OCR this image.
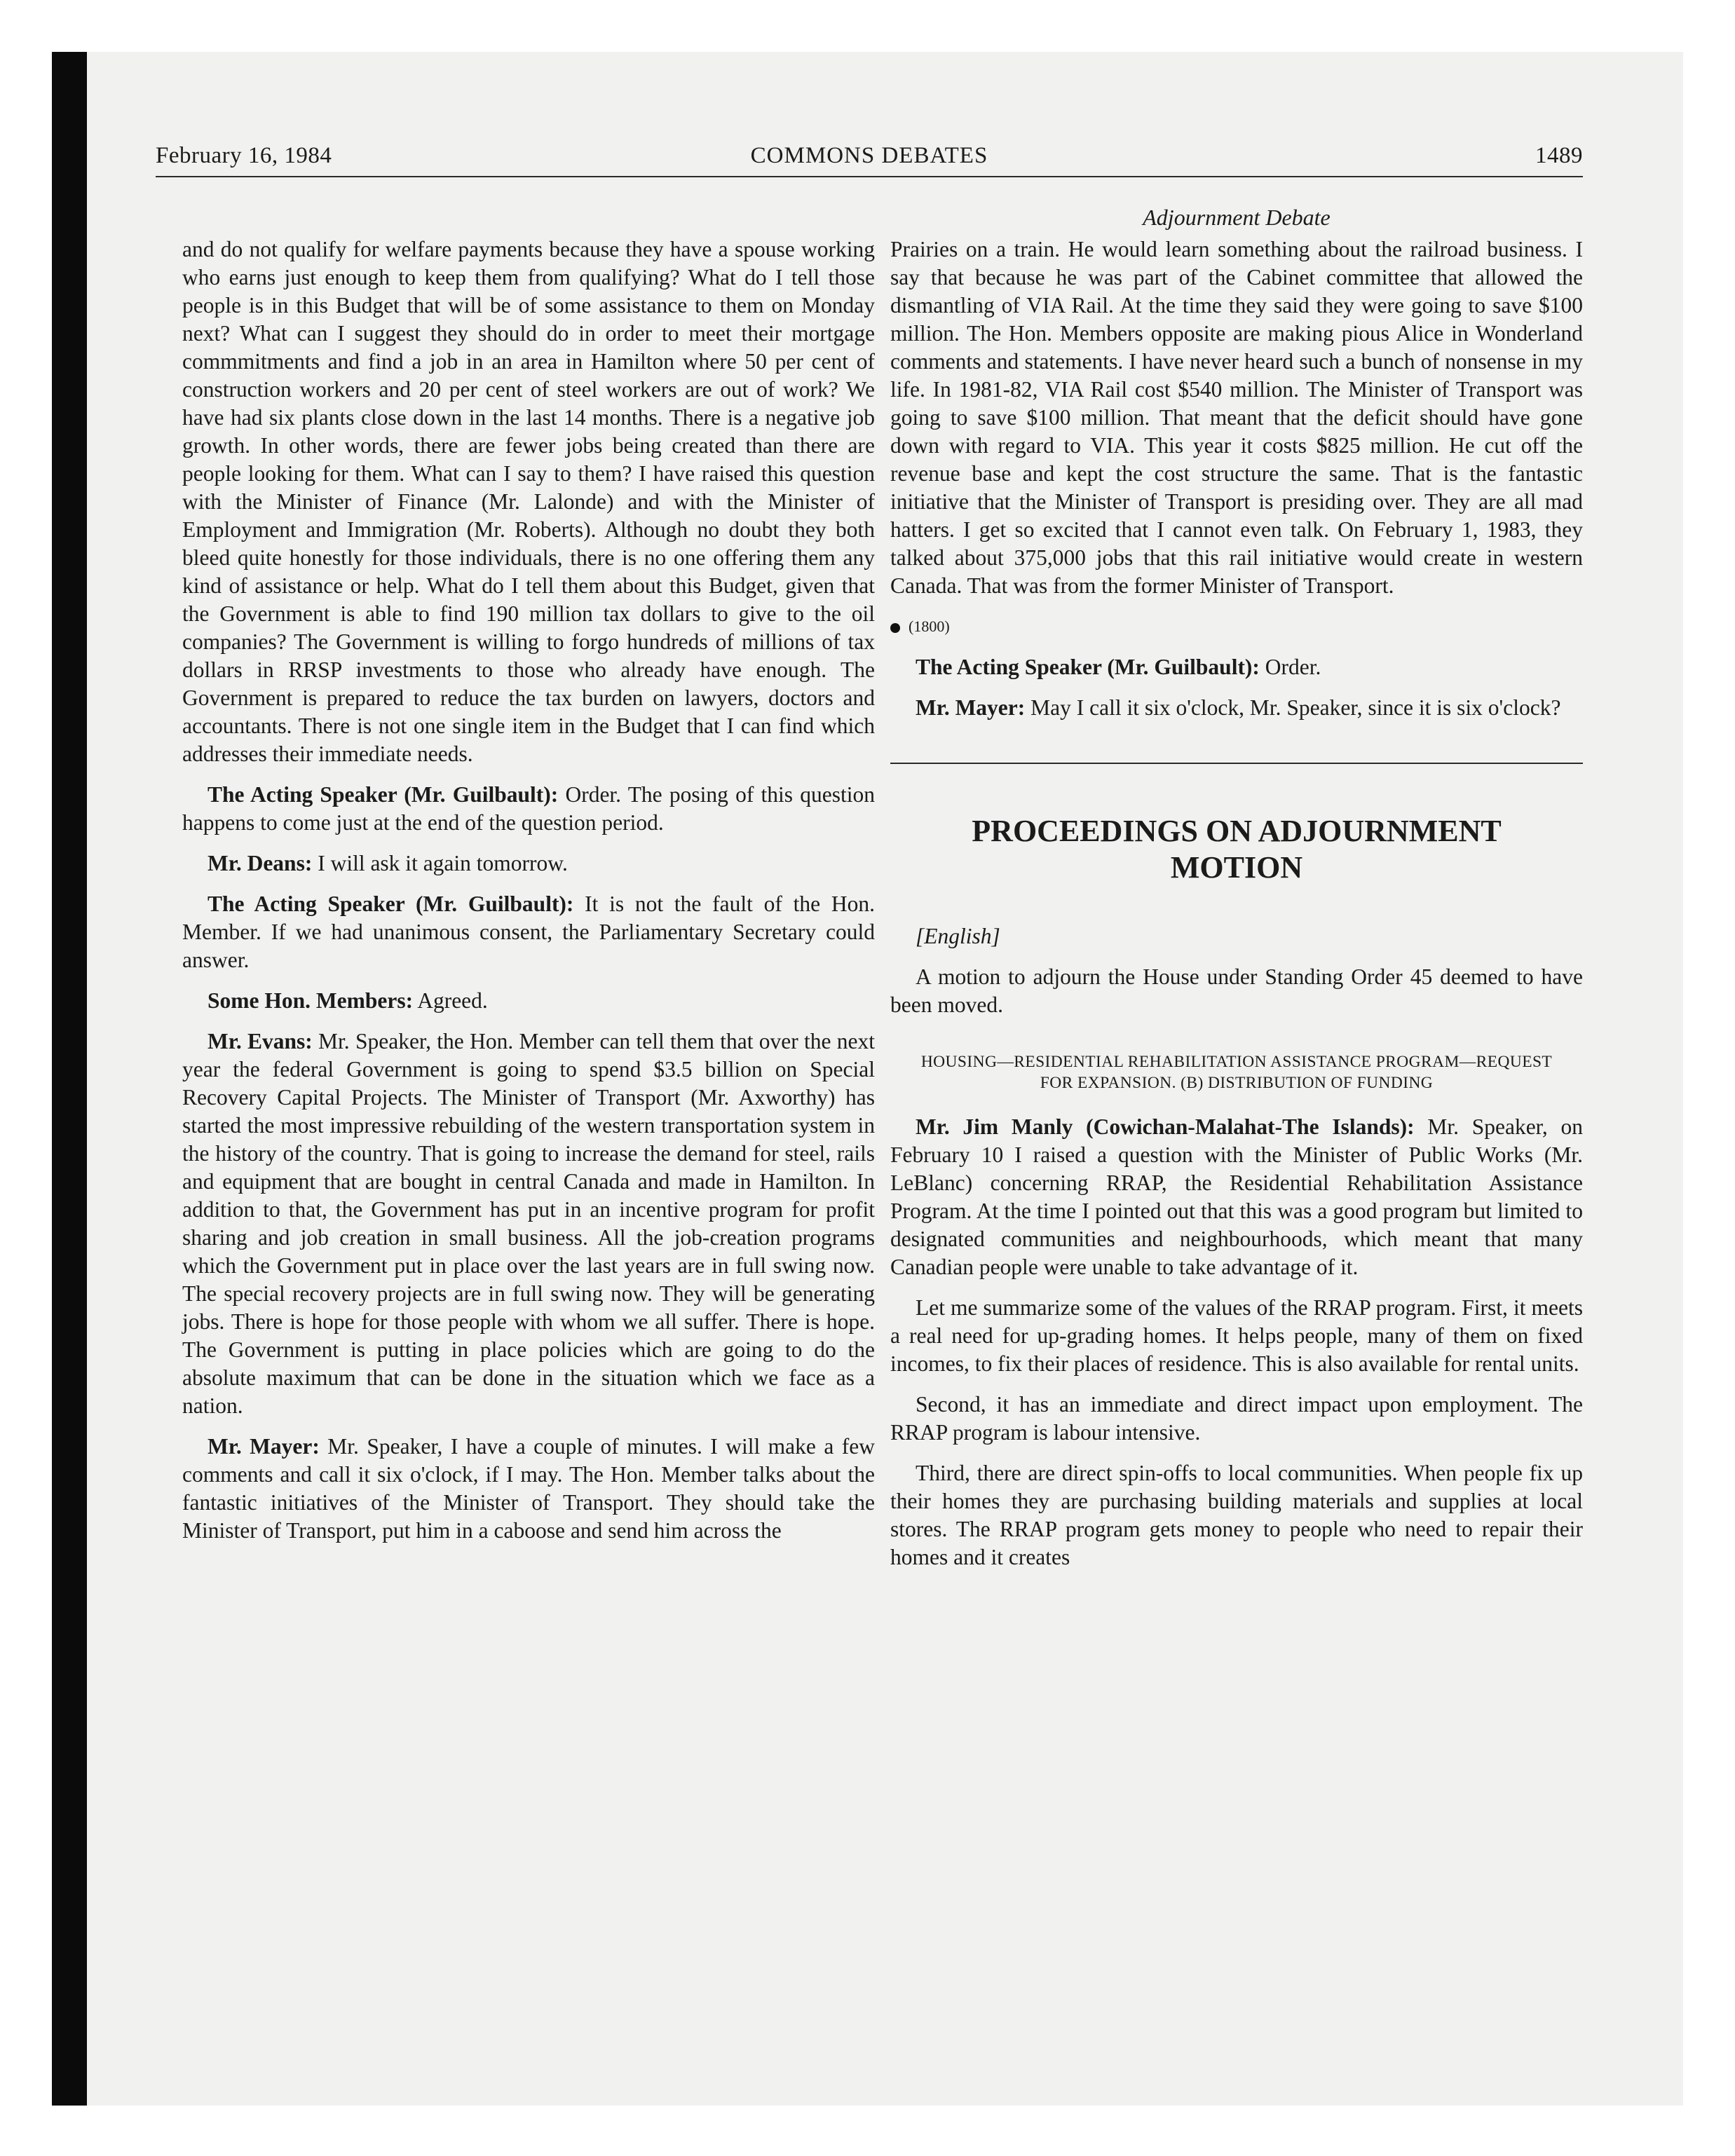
February 16, 1984	COMMONS DEBATES	1489

and do not qualify for welfare payments because they have a spouse working who earns just enough to keep them from qualifying? What do I tell those people is in this Budget that will be of some assistance to them on Monday next? What can I suggest they should do in order to meet their mortgage commmitments and find a job in an area in Hamilton where 50 per cent of construction workers and 20 per cent of steel workers are out of work? We have had six plants close down in the last 14 months. There is a negative job growth. In other words, there are fewer jobs being created than there are people looking for them. What can I say to them? I have raised this question with the Minister of Finance (Mr. Lalonde) and with the Minister of Employment and Immigration (Mr. Roberts). Although no doubt they both bleed quite honestly for those individuals, there is no one offering them any kind of assistance or help. What do I tell them about this Budget, given that the Government is able to find 190 million tax dollars to give to the oil companies? The Government is willing to forgo hundreds of millions of tax dollars in RRSP investments to those who already have enough. The Government is prepared to reduce the tax burden on lawyers, doctors and accountants. There is not one single item in the Budget that I can find which addresses their immediate needs.

The Acting Speaker (Mr. Guilbault): Order. The posing of this question happens to come just at the end of the question period.

Mr. Deans: I will ask it again tomorrow.

The Acting Speaker (Mr. Guilbault): It is not the fault of the Hon. Member. If we had unanimous consent, the Parliamentary Secretary could answer.

Some Hon. Members: Agreed.

Mr. Evans: Mr. Speaker, the Hon. Member can tell them that over the next year the federal Government is going to spend $3.5 billion on Special Recovery Capital Projects. The Minister of Transport (Mr. Axworthy) has started the most impressive rebuilding of the western transportation system in the history of the country. That is going to increase the demand for steel, rails and equipment that are bought in central Canada and made in Hamilton. In addition to that, the Government has put in an incentive program for profit sharing and job creation in small business. All the job-creation programs which the Government put in place over the last years are in full swing now. The special recovery projects are in full swing now. They will be generating jobs. There is hope for those people with whom we all suffer. There is hope. The Government is putting in place policies which are going to do the absolute maximum that can be done in the situation which we face as a nation.

Mr. Mayer: Mr. Speaker, I have a couple of minutes. I will make a few comments and call it six o'clock, if I may. The Hon. Member talks about the fantastic initiatives of the Minister of Transport. They should take the Minister of Transport, put him in a caboose and send him across the

Adjournment Debate

Prairies on a train. He would learn something about the railroad business. I say that because he was part of the Cabinet committee that allowed the dismantling of VIA Rail. At the time they said they were going to save $100 million. The Hon. Members opposite are making pious Alice in Wonderland comments and statements. I have never heard such a bunch of nonsense in my life. In 1981-82, VIA Rail cost $540 million. The Minister of Transport was going to save $100 million. That meant that the deficit should have gone down with regard to VIA. This year it costs $825 million. He cut off the revenue base and kept the cost structure the same. That is the fantastic initiative that the Minister of Transport is presiding over. They are all mad hatters. I get so excited that I cannot even talk. On February 1, 1983, they talked about 375,000 jobs that this rail initiative would create in western Canada. That was from the former Minister of Transport.

(1800)

The Acting Speaker (Mr. Guilbault): Order.

Mr. Mayer: May I call it six o'clock, Mr. Speaker, since it is six o'clock?

PROCEEDINGS ON ADJOURNMENT MOTION

[English]

A motion to adjourn the House under Standing Order 45 deemed to have been moved.

HOUSING—RESIDENTIAL REHABILITATION ASSISTANCE PROGRAM—REQUEST FOR EXPANSION. (B) DISTRIBUTION OF FUNDING

Mr. Jim Manly (Cowichan-Malahat-The Islands): Mr. Speaker, on February 10 I raised a question with the Minister of Public Works (Mr. LeBlanc) concerning RRAP, the Residential Rehabilitation Assistance Program. At the time I pointed out that this was a good program but limited to designated communities and neighbourhoods, which meant that many Canadian people were unable to take advantage of it.

Let me summarize some of the values of the RRAP program. First, it meets a real need for up-grading homes. It helps people, many of them on fixed incomes, to fix their places of residence. This is also available for rental units.

Second, it has an immediate and direct impact upon employment. The RRAP program is labour intensive.

Third, there are direct spin-offs to local communities. When people fix up their homes they are purchasing building materials and supplies at local stores. The RRAP program gets money to people who need to repair their homes and it creates
